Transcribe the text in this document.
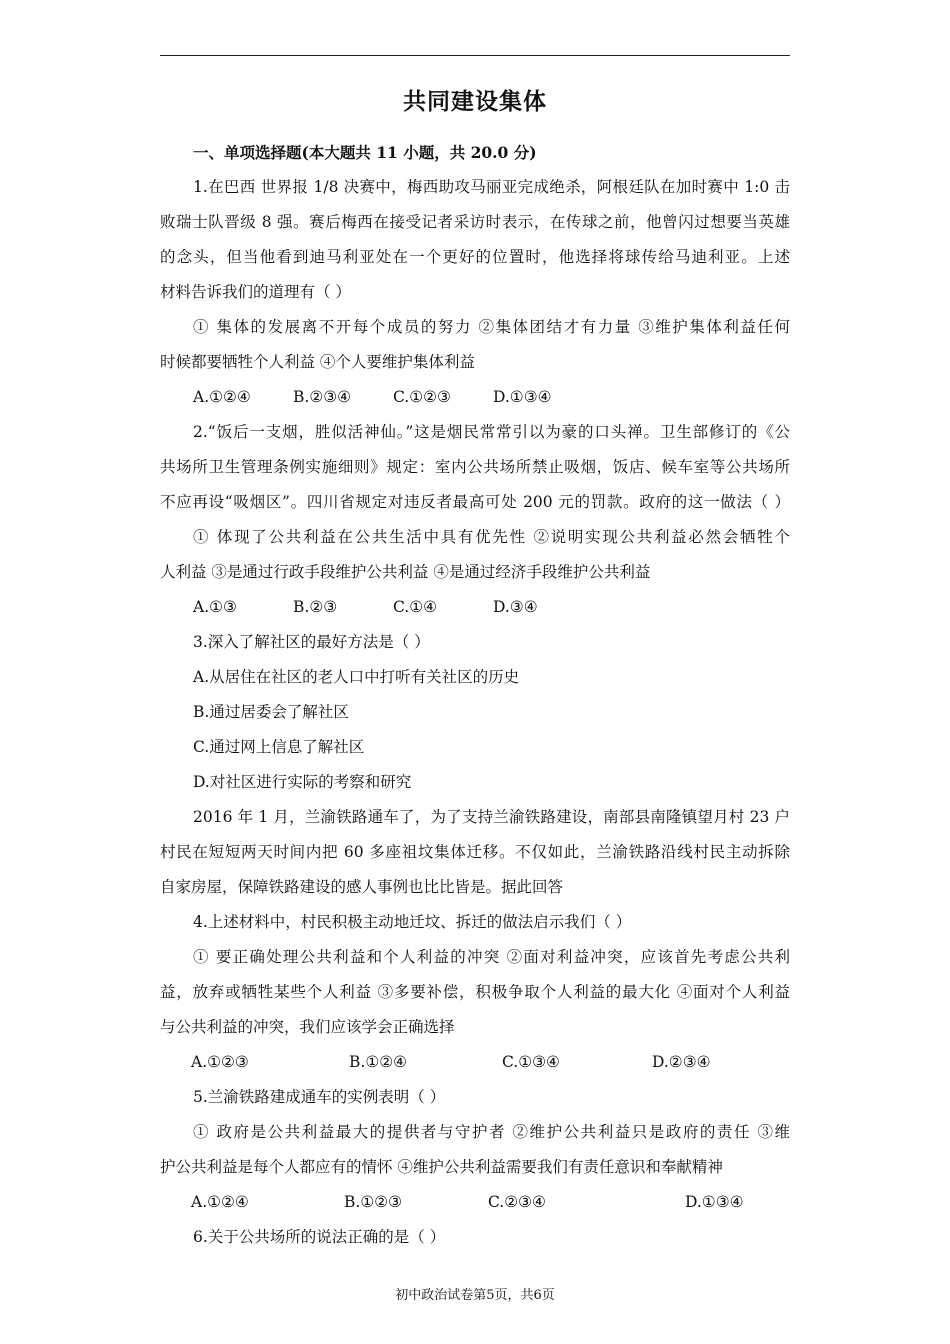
共同建设集体
一、单项选择题(本大题共 11 小题，共 20.0 分)
1.在巴西 世界报 1/8 决赛中，梅西助攻马丽亚完成绝杀，阿根廷队在加时赛中 1:0 击
败瑞士队晋级 8 强。赛后梅西在接受记者采访时表示，在传球之前，他曾闪过想要当英雄
的念头，但当他看到迪马利亚处在一个更好的位置时，他选择将球传给马迪利亚。上述
材料告诉我们的道理有（ ）
① 集体的发展离不开每个成员的努力 ②集体团结才有力量 ③维护集体利益任何
时候都要牺牲个人利益 ④个人要维护集体利益
A.①②④	B.②③④	C.①②③	D.①③④
2.“饭后一支烟，胜似活神仙。”这是烟民常常引以为豪的口头禅。卫生部修订的《公
共场所卫生管理条例实施细则》规定：室内公共场所禁止吸烟，饭店、候车室等公共场所
不应再设“吸烟区”。四川省规定对违反者最高可处 200 元的罚款。政府的这一做法（ ）
① 体现了公共利益在公共生活中具有优先性 ②说明实现公共利益必然会牺牲个
人利益 ③是通过行政手段维护公共利益 ④是通过经济手段维护公共利益
A.①③	B.②③	C.①④	D.③④
3.深入了解社区的最好方法是（ ）
A.从居住在社区的老人口中打听有关社区的历史
B.通过居委会了解社区
C.通过网上信息了解社区
D.对社区进行实际的考察和研究
2016 年 1 月，兰渝铁路通车了，为了支持兰渝铁路建设，南部县南隆镇望月村 23 户
村民在短短两天时间内把 60 多座祖坟集体迁移。不仅如此，兰渝铁路沿线村民主动拆除
自家房屋，保障铁路建设的感人事例也比比皆是。据此回答
4.上述材料中，村民积极主动地迁坟、拆迁的做法启示我们（ ）
① 要正确处理公共利益和个人利益的冲突 ②面对利益冲突，应该首先考虑公共利
益，放弃或牺牲某些个人利益 ③多要补偿，积极争取个人利益的最大化 ④面对个人利益
与公共利益的冲突，我们应该学会正确选择
A.①②③	B.①②④	C.①③④	D.②③④
5.兰渝铁路建成通车的实例表明（ ）
① 政府是公共利益最大的提供者与守护者 ②维护公共利益只是政府的责任 ③维
护公共利益是每个人都应有的情怀 ④维护公共利益需要我们有责任意识和奉献精神
A.①②④	B.①②③	C.②③④	D.①③④
6.关于公共场所的说法正确的是（ ）
初中政治试卷第5页，共6页
